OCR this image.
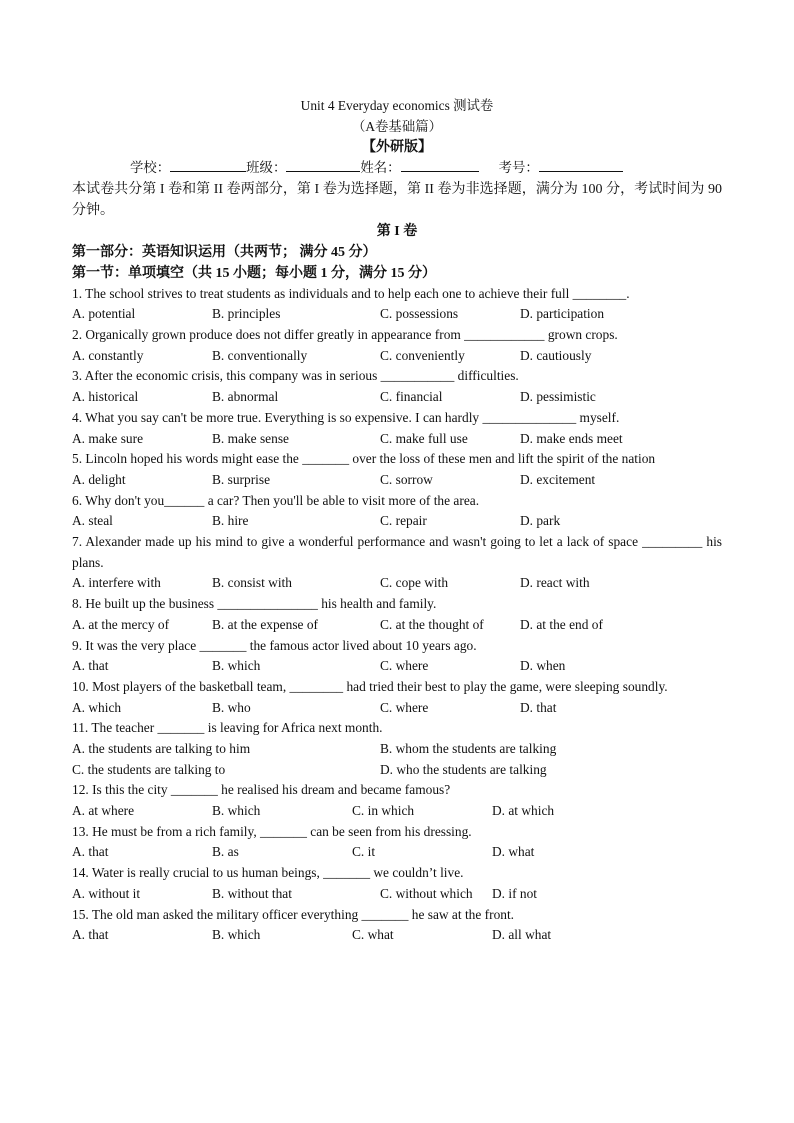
Unit 4 Everyday economics 测试卷
（A卷基础篇）
【外研版】
学校：	班级：	姓名：	考号：
本试卷共分第 I 卷和第 II 卷两部分，第 I 卷为选择题，第 II 卷为非选择题，满分为 100 分，考试时间为 90 分钟。
第 I 卷
第一部分：英语知识运用（共两节； 满分 45 分）
第一节：单项填空（共 15 小题；每小题 1 分，满分 15 分）
1. The school strives to treat students as individuals and to help each one to achieve their full ________.
A. potential	B. principles	C. possessions	D. participation
2. Organically grown produce does not differ greatly in appearance from ____________ grown crops.
A. constantly	B. conventionally	C. conveniently	D. cautiously
3. After the economic crisis, this company was in serious ___________ difficulties.
A. historical	B. abnormal	C. financial	D. pessimistic
4. What you say can't be more true. Everything is so expensive. I can hardly ______________ myself.
A. make sure	B. make sense	C. make full use	D. make ends meet
5. Lincoln hoped his words might ease the _______ over the loss of these men and lift the spirit of the nation
A. delight	B. surprise	C. sorrow	D. excitement
6. Why don't you______ a car? Then you'll be able to visit more of the area.
A. steal	B. hire	C. repair	D. park
7. Alexander made up his mind to give a wonderful performance and wasn't going to let a lack of space _________ his plans.
A. interfere with	B. consist with	C. cope with	D. react with
8. He built up the business _______________ his health and family.
A. at the mercy of	B. at the expense of	C. at the thought of	D. at the end of
9. It was the very place _______ the famous actor lived about 10 years ago.
A. that	B. which	C. where	D. when
10. Most players of the basketball team, ________ had tried their best to play the game, were sleeping soundly.
A. which	B. who	C. where	D. that
11. The teacher _______ is leaving for Africa next month.
A. the students are talking to him	B. whom the students are talking
C. the students are talking to	D. who the students are talking
12. Is this the city _______ he realised his dream and became famous?
A. at where	B. which	C. in which	D. at which
13. He must be from a rich family, _______ can be seen from his dressing.
A. that	B. as	C. it	D. what
14. Water is really crucial to us human beings, _______ we couldn’t live.
A. without it	B. without that	C. without which D. if not
15. The old man asked the military officer everything _______ he saw at the front.
A. that	B. which	C. what	D. all what
